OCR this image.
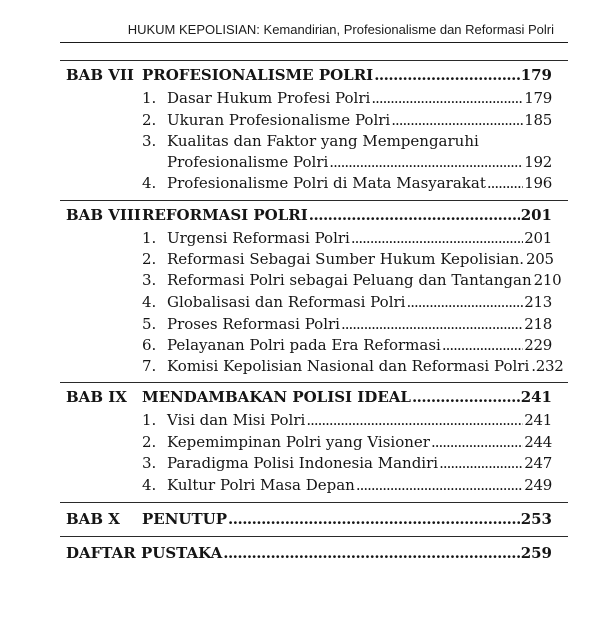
HUKUM KEPOLISIAN: Kemandirian, Profesionalisme dan Reformasi Polri
BAB VII PROFESIONALISME POLRI .....	179
1. Dasar Hukum Profesi Polri .....	179
2. Ukuran Profesionalisme Polri .....	185
3. Kualitas dan Faktor yang Mempengaruhi
Profesionalisme Polri .....	192
4. Profesionalisme Polri di Mata Masyarakat .....	196
BAB VIII REFORMASI POLRI .....	201
1. Urgensi Reformasi Polri .....	201
2. Reformasi Sebagai Sumber Hukum Kepolisian. 205
3. Reformasi Polri sebagai Peluang dan Tantangan 210
4. Globalisasi dan Reformasi Polri .....	213
5. Proses Reformasi Polri .....	218
6. Pelayanan Polri pada Era Reformasi .....	229
7. Komisi Kepolisian Nasional dan Reformasi Polri .232
BAB IX	MENDAMBAKAN POLISI IDEAL .....	241
1. Visi dan Misi Polri .....	241
2. Kepemimpinan Polri yang Visioner .....	244
3. Paradigma Polisi Indonesia Mandiri .....	247
4. Kultur Polri Masa Depan .....	249
BAB X	PENUTUP .....	253
DAFTAR PUSTAKA .....	259
